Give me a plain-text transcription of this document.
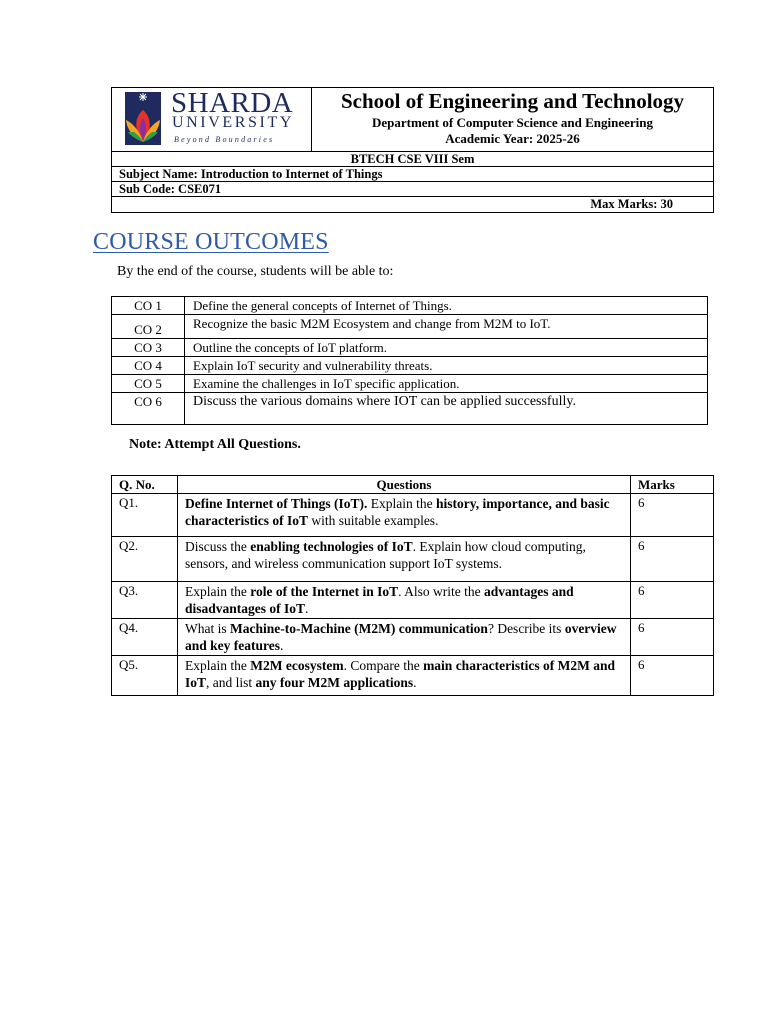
SHARDA
UNIVERSITY
Beyond Boundaries
School of Engineering and Technology
Department of Computer Science and Engineering
Academic Year: 2025-26
BTECH CSE VIII Sem
Subject Name: Introduction to Internet of Things
Sub Code: CSE071
Max Marks: 30
COURSE OUTCOMES
By the end of the course, students will be able to:
CO 1	Define the general concepts of Internet of Things.
CO 2	Recognize the basic M2M Ecosystem and change from M2M to IoT.
CO 3	Outline the concepts of IoT platform.
CO 4	Explain IoT security and vulnerability threats.
CO 5	Examine the challenges in IoT specific application.
CO 6	Discuss the various domains where IOT can be applied successfully.
Note: Attempt All Questions.
Q. No.	Questions	Marks
Q1.	Define Internet of Things (IoT). Explain the history, importance, and basic characteristics of IoT with suitable examples.	6
Q2.	Discuss the enabling technologies of IoT. Explain how cloud computing, sensors, and wireless communication support IoT systems.	6
Q3.	Explain the role of the Internet in IoT. Also write the advantages and disadvantages of IoT.	6
Q4.	What is Machine-to-Machine (M2M) communication? Describe its overview and key features.	6
Q5.	Explain the M2M ecosystem. Compare the main characteristics of M2M and IoT, and list any four M2M applications.	6
